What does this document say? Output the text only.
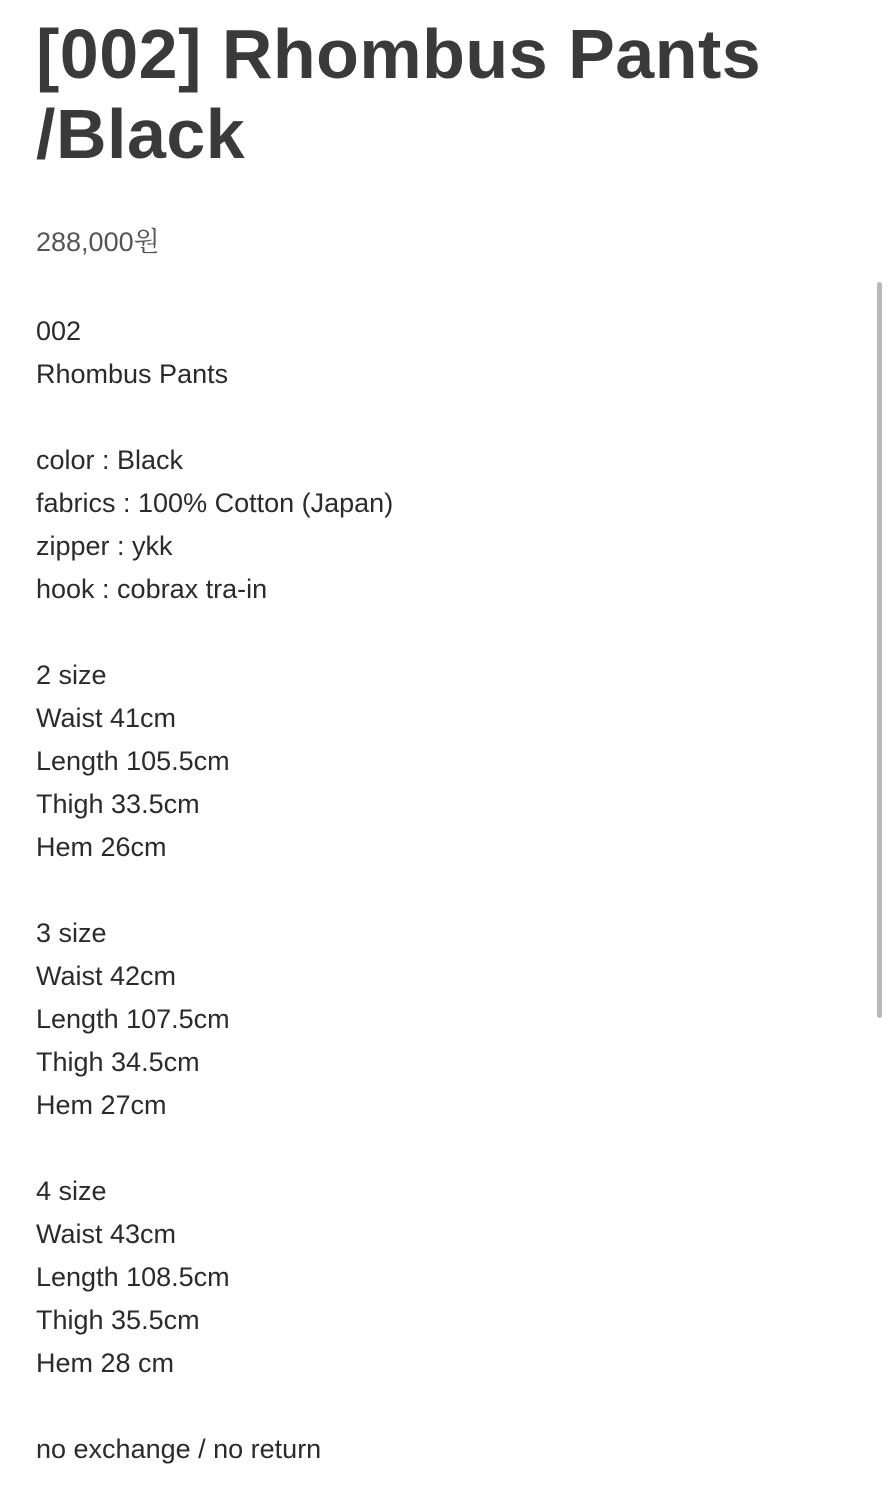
[002] Rhombus Pants
/Black
288,000원
002
Rhombus Pants
color : Black
fabrics : 100% Cotton (Japan)
zipper : ykk
hook : cobrax tra-in
2 size
Waist 41cm
Length 105.5cm
Thigh 33.5cm
Hem 26cm
3 size
Waist 42cm
Length 107.5cm
Thigh 34.5cm
Hem 27cm
4 size
Waist 43cm
Length 108.5cm
Thigh 35.5cm
Hem 28 cm
no exchange / no return
